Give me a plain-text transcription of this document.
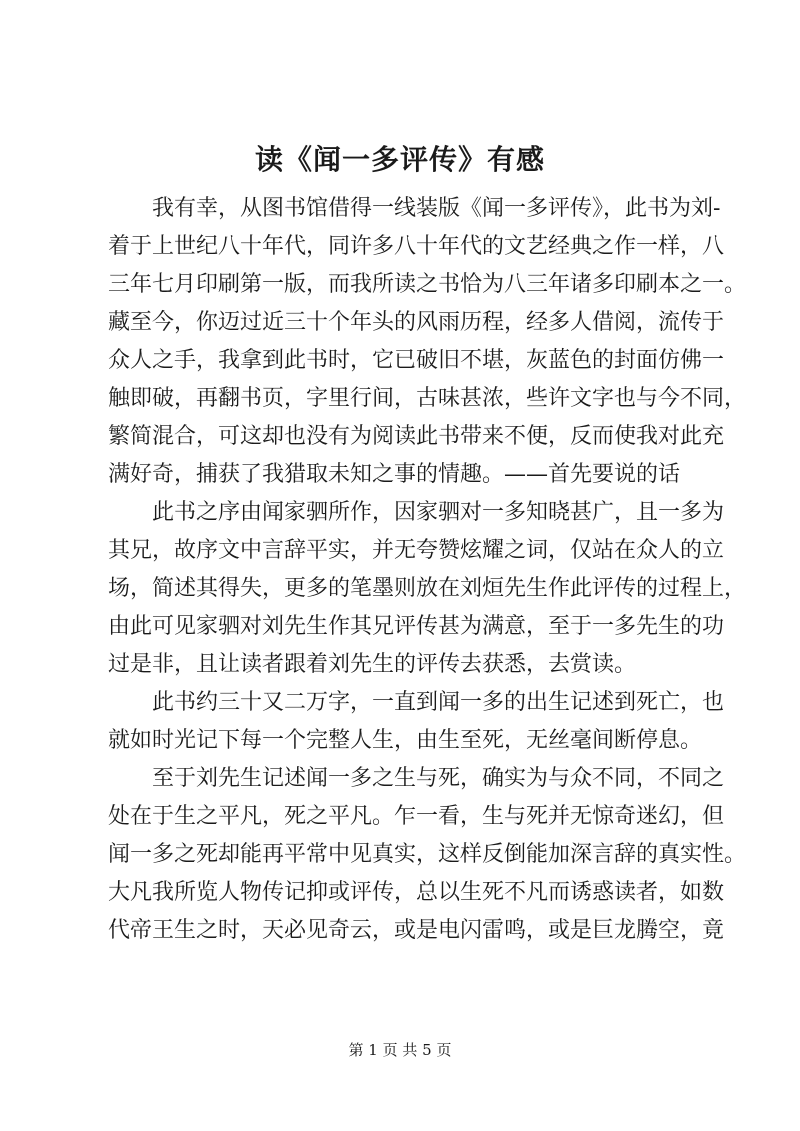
读《闻一多评传》有感
我有幸，从图书馆借得一线装版《闻一多评传》，此书为刘-
着于上世纪八十年代，同许多八十年代的文艺经典之作一样，八
三年七月印刷第一版，而我所读之书恰为八三年诸多印刷本之一。
藏至今，你迈过近三十个年头的风雨历程，经多人借阅，流传于
众人之手，我拿到此书时，它已破旧不堪，灰蓝色的封面仿佛一
触即破，再翻书页，字里行间，古味甚浓，些许文字也与今不同，
繁简混合，可这却也没有为阅读此书带来不便，反而使我对此充
满好奇，捕获了我猎取未知之事的情趣。——首先要说的话
此书之序由闻家驷所作，因家驷对一多知晓甚广，且一多为
其兄，故序文中言辞平实，并无夸赞炫耀之词，仅站在众人的立
场，简述其得失，更多的笔墨则放在刘烜先生作此评传的过程上，
由此可见家驷对刘先生作其兄评传甚为满意，至于一多先生的功
过是非，且让读者跟着刘先生的评传去获悉，去赏读。
此书约三十又二万字，一直到闻一多的出生记述到死亡，也
就如时光记下每一个完整人生，由生至死，无丝毫间断停息。
至于刘先生记述闻一多之生与死，确实为与众不同，不同之
处在于生之平凡，死之平凡。乍一看，生与死并无惊奇迷幻，但
闻一多之死却能再平常中见真实，这样反倒能加深言辞的真实性。
大凡我所览人物传记抑或评传，总以生死不凡而诱惑读者，如数
代帝王生之时，天必见奇云，或是电闪雷鸣，或是巨龙腾空，竟
第 1 页 共 5 页
